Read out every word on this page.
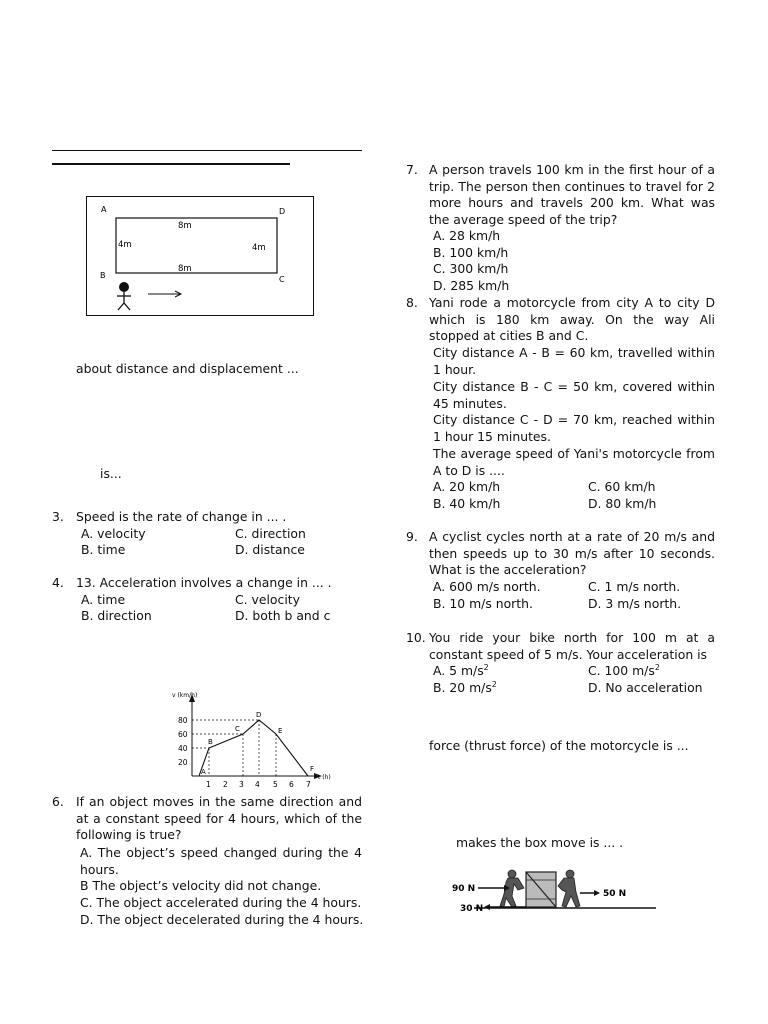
A	D
B	C
8m
8m
4m	4m
about distance and displacement ...
is...
3. Speed is the rate of change in ... .
A. velocity
B. time
C. direction
D. distance
4. 13. Acceleration involves a change in ... .
A. time
B. direction
C. velocity
D. both b and c
v (km/h)
t (h)
80
60
40
20
1 2 3 4 5 6 7
A
B
C
D
E
F
6. If an object moves in the same direction and at a constant speed for 4 hours, which of the following is true?
A. The object’s speed changed during the 4 hours.
B The object’s velocity did not change.
C. The object accelerated during the 4 hours.
D. The object decelerated during the 4 hours.
7. A person travels 100 km in the first hour of a trip. The person then continues to travel for 2 more hours and travels 200 km. What was the average speed of the trip?
A. 28 km/h
B. 100 km/h
C. 300 km/h
D. 285 km/h
8. Yani rode a motorcycle from city A to city D which is 180 km away. On the way Ali stopped at cities B and C.
City distance A - B = 60 km, travelled within 1 hour.
City distance B - C = 50 km, covered within 45 minutes.
City distance C - D = 70 km, reached within 1 hour 15 minutes.
The average speed of Yani's motorcycle from A to D is ....
A. 20 km/h
B. 40 km/h
C. 60 km/h
D. 80 km/h
9. A cyclist cycles north at a rate of 20 m/s and then speeds up to 30 m/s after 10 seconds. What is the acceleration?
A. 600 m/s north.
B. 10 m/s north.
C. 1 m/s north.
D. 3 m/s north.
10. You ride your bike north for 100 m at a constant speed of 5 m/s. Your acceleration is
A. 5 $m/s^2$
B. 20 $m/s^2$
C. 100 $m/s^2$
D. No acceleration
force (thrust force) of the motorcycle is ...
makes the box move is ... .
90 N	50 N
30 N
